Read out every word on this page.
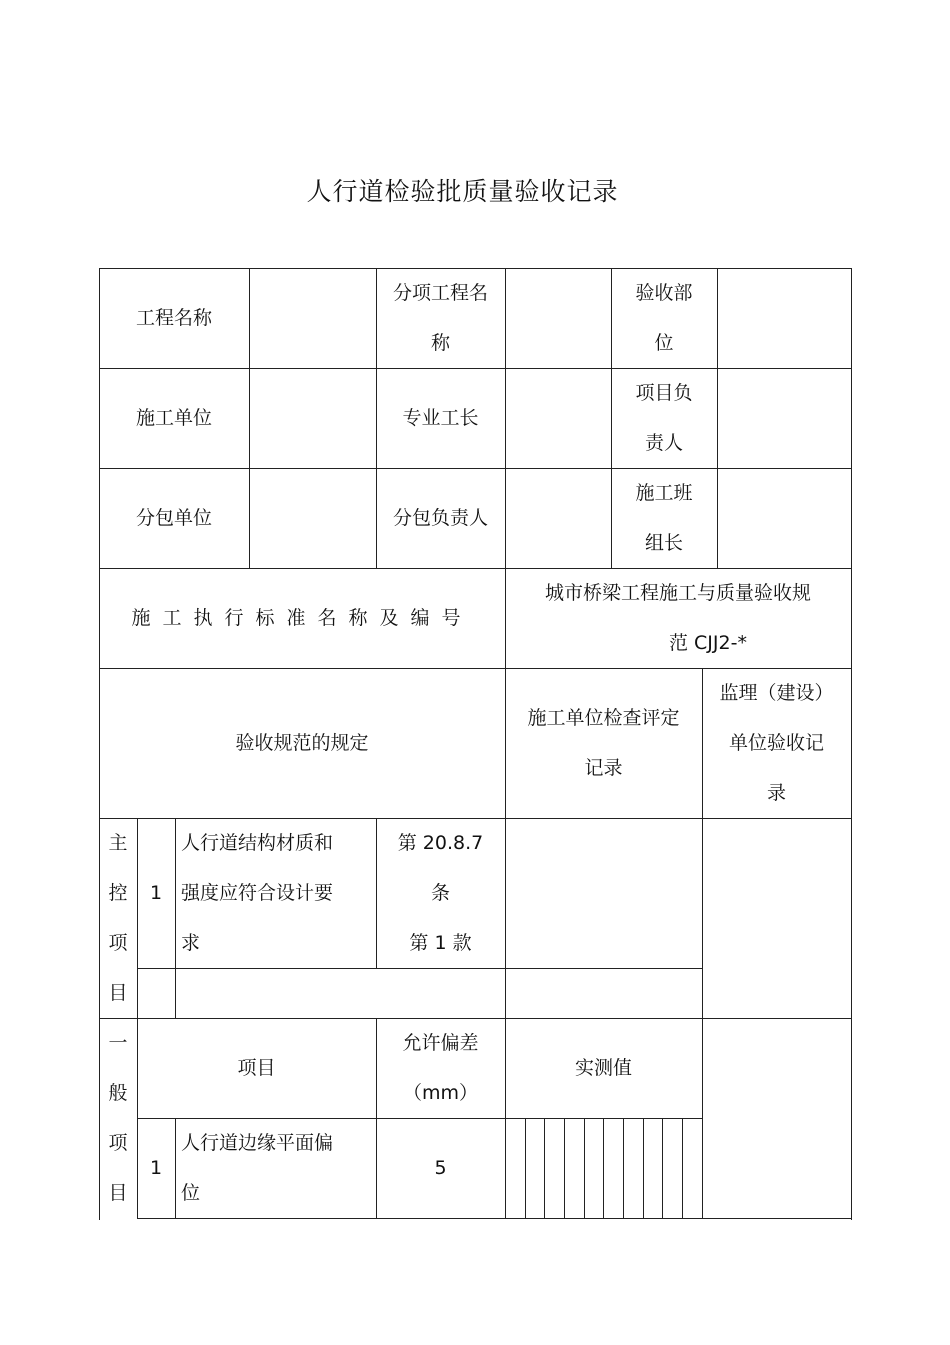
人行道检验批质量验收记录
工程名称
分项工程名
称
验收部
位
施工单位	专业工长
项目负
责人
分包单位	分包负责人
施工班
组长
施工执行标准名称及编号
城市桥梁工程施工与质量验收规
范 CJJ2-*
验收规范的规定
施工单位检查评定
记录
监理（建设）
单位验收记
录
主
控
项
目
1
人行道结构材质和
强度应符合设计要
求
第 20.8.7
条
第 1 款
一
般
项
目
项目
允许偏差
（mm）
实测值
1
人行道边缘平面偏
位
5
